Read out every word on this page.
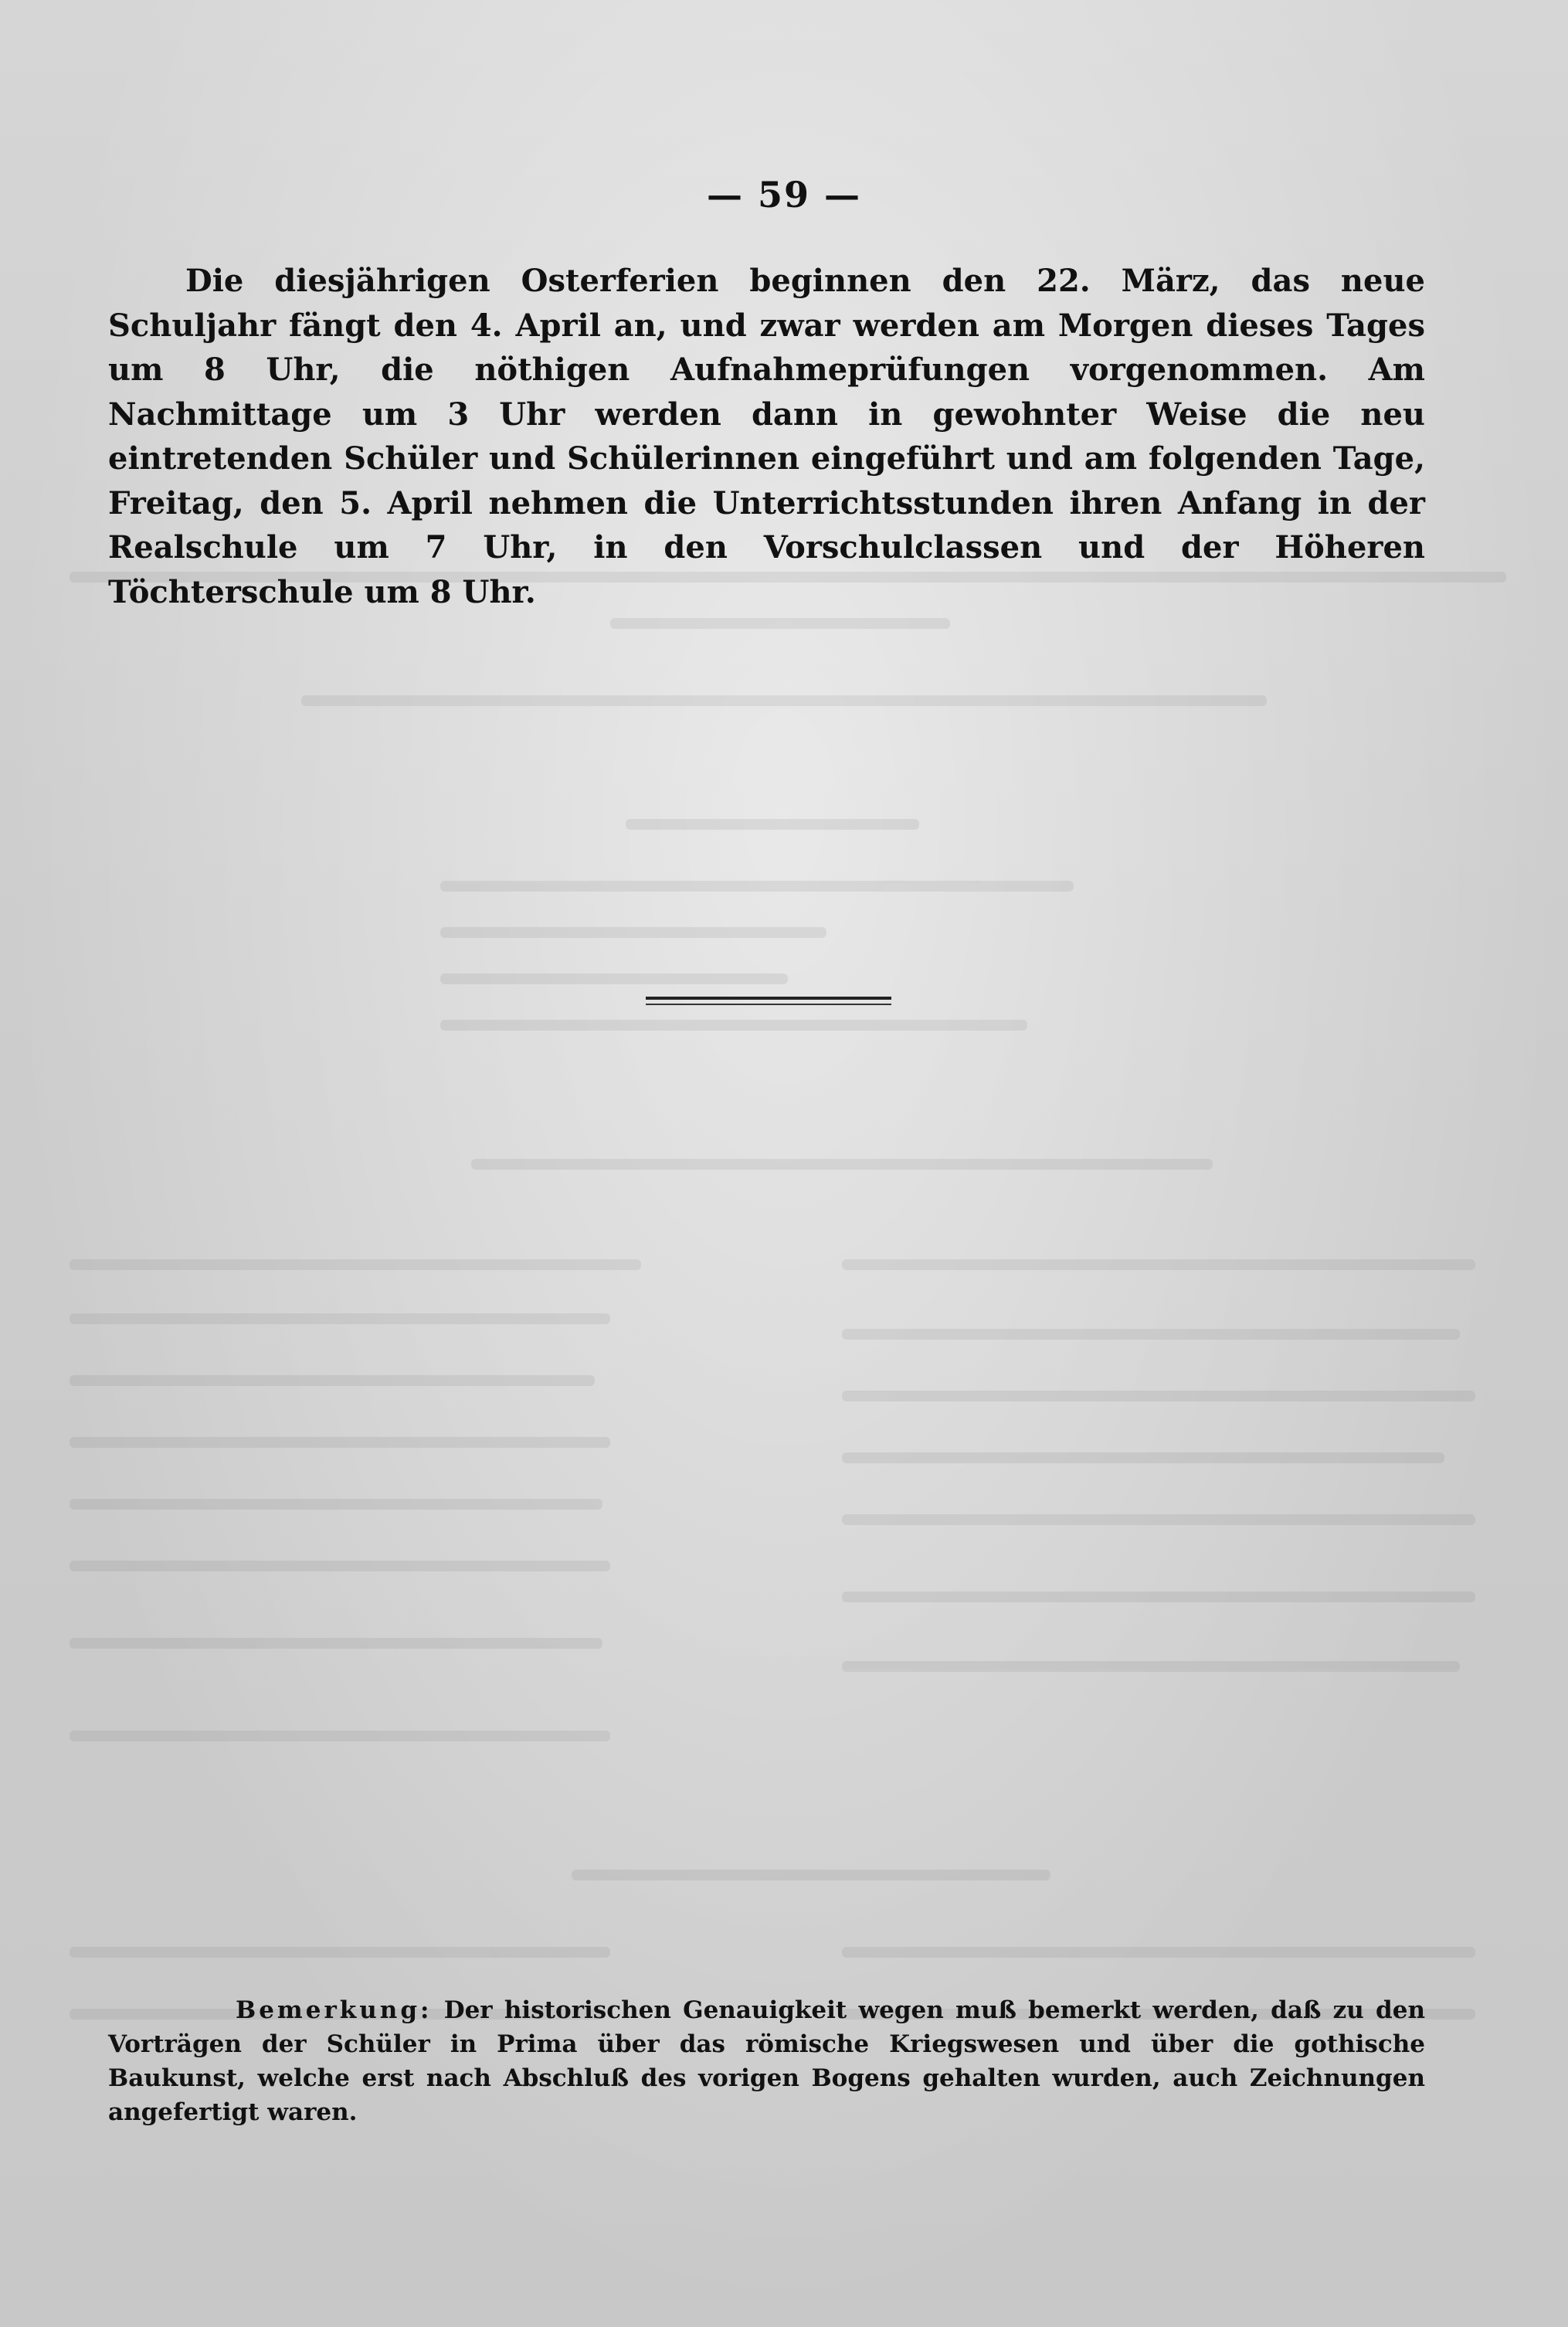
— 59 —

Die diesjährigen Osterferien beginnen den 22. März, das neue Schuljahr fängt den 4. April an, und zwar werden am Morgen dieses Tages um 8 Uhr, die nöthigen Aufnahmeprüfungen vorgenommen. Am Nachmittage um 3 Uhr werden dann in gewohnter Weise die neu eintretenden Schüler und Schülerinnen eingeführt und am folgenden Tage, Freitag, den 5. April nehmen die Unterrichtsstunden ihren Anfang in der Realschule um 7 Uhr, in den Vorschulclassen und der Höheren Töchterschule um 8 Uhr.

Bemerkung: Der historischen Genauigkeit wegen muß bemerkt werden, daß zu den Vorträgen der Schüler in Prima über das römische Kriegswesen und über die gothische Baukunst, welche erst nach Abschluß des vorigen Bogens gehalten wurden, auch Zeichnungen angefertigt waren.
